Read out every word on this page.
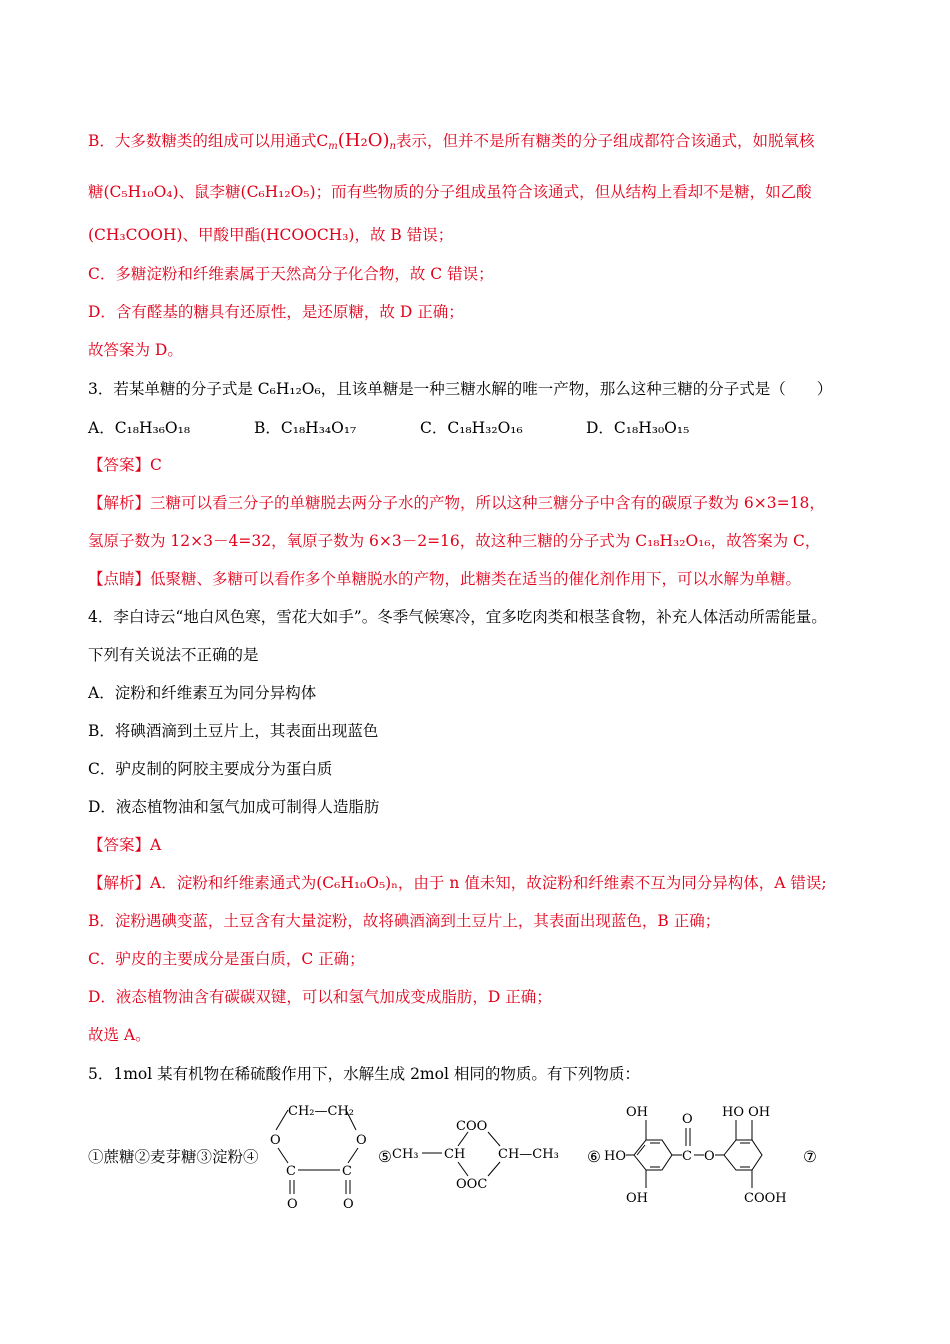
B．大多数糖类的组成可以用通式$C_m(H_2O)_n$表示，但并不是所有糖类的分子组成都符合该通式，如脱氧核
糖(C₅H₁₀O₄)、鼠李糖(C₆H₁₂O₅)；而有些物质的分子组成虽符合该通式，但从结构上看却不是糖，如乙酸
(CH₃COOH)、甲酸甲酯(HCOOCH₃)，故 B 错误；
C．多糖淀粉和纤维素属于天然高分子化合物，故 C 错误；
D．含有醛基的糖具有还原性，是还原糖，故 D 正确；
故答案为 D。
3．若某单糖的分子式是 C₆H₁₂O₆，且该单糖是一种三糖水解的唯一产物，那么这种三糖的分子式是（　　）
A．C₁₈H₃₆O₁₈	B．C₁₈H₃₄O₁₇	C．C₁₈H₃₂O₁₆	D．C₁₈H₃₀O₁₅
【答案】C
【解析】三糖可以看三分子的单糖脱去两分子水的产物，所以这种三糖分子中含有的碳原子数为 6×3=18，
氢原子数为 12×3－4=32，氧原子数为 6×3－2=16，故这种三糖的分子式为 C₁₈H₃₂O₁₆，故答案为 C，
【点睛】低聚糖、多糖可以看作多个单糖脱水的产物，此糖类在适当的催化剂作用下，可以水解为单糖。
4．李白诗云“地白风色寒，雪花大如手”。冬季气候寒冷，宜多吃肉类和根茎食物，补充人体活动所需能量。
下列有关说法不正确的是
A．淀粉和纤维素互为同分异构体
B．将碘酒滴到土豆片上，其表面出现蓝色
C．驴皮制的阿胶主要成分为蛋白质
D．液态植物油和氢气加成可制得人造脂肪
【答案】A
【解析】A．淀粉和纤维素通式为(C₆H₁₀O₅)ₙ，由于 n 值未知，故淀粉和纤维素不互为同分异构体，A 错误;
B．淀粉遇碘变蓝，土豆含有大量淀粉，故将碘酒滴到土豆片上，其表面出现蓝色，B 正确；
C．驴皮的主要成分是蛋白质，C 正确；
D．液态植物油含有碳碳双键，可以和氢气加成变成脂肪，D 正确；
故选 A。
5．1mol 某有机物在稀硫酸作用下，水解生成 2mol 相同的物质。有下列物质：
①蔗糖②麦芽糖③淀粉④	⑤	⑥	⑦
CH₂—CH₂
O	O
C	C
O	O
CH₃ CH
COO
OOC
CH—CH₃	HO
OH
OH
C
O
O
HO OH
COOH
